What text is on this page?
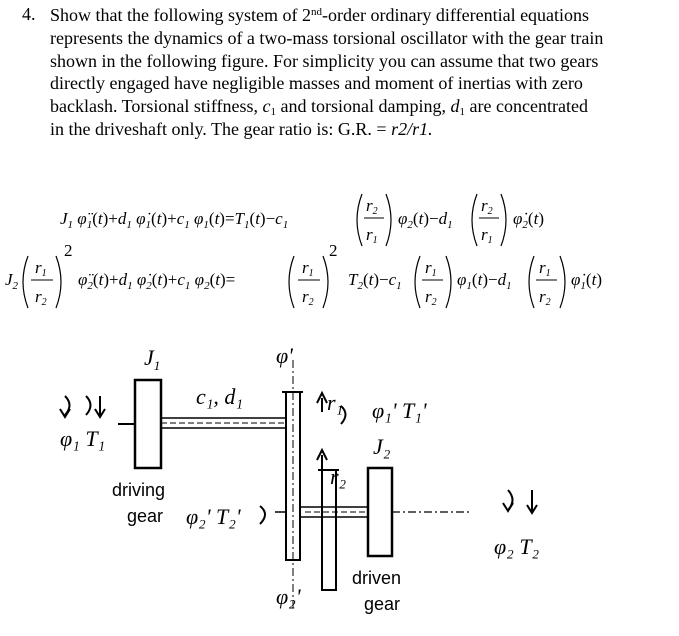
4. Show that the following system of 2nd-order ordinary differential equations
represents the dynamics of a two-mass torsional oscillator with the gear train
shown in the following figure. For simplicity you can assume that two gears
directly engaged have negligible masses and moment of inertias with zero
backlash. Torsional stiffness, $c_1$ and torsional damping, $d_1$ are concentrated
in the driveshaft only. The gear ratio is: G.R. = r2/r1.
$J_1$ $\varphï_1(t)+d_1$ $\varphi̇_1(t)+c_1$ $\varphi_1(t)=T_1(t)-c_1$
r2
r1
$\varphi_2(t)-d_1$
r2
r1
$\varphi̇_2(t)$
$J_2$
r1
r2
2
$\varphï_2(t)+d_1$ $\varphi̇_2(t)+c_1$ $\varphi_2(t)=$
r1
r2
2
$T_2(t)-c_1$
r1
r2
$\varphi_1(t)-d_1$
r1
r2
$\varphi̇_1(t)$
$J_1$	φ'
c₁, d₁	r₁ φ₁' T₁'
J₂
r₂
φ₁ T₁
driving
gear φ₂' T₂'
φ₂ T₂
driven
gear
φ₂'
